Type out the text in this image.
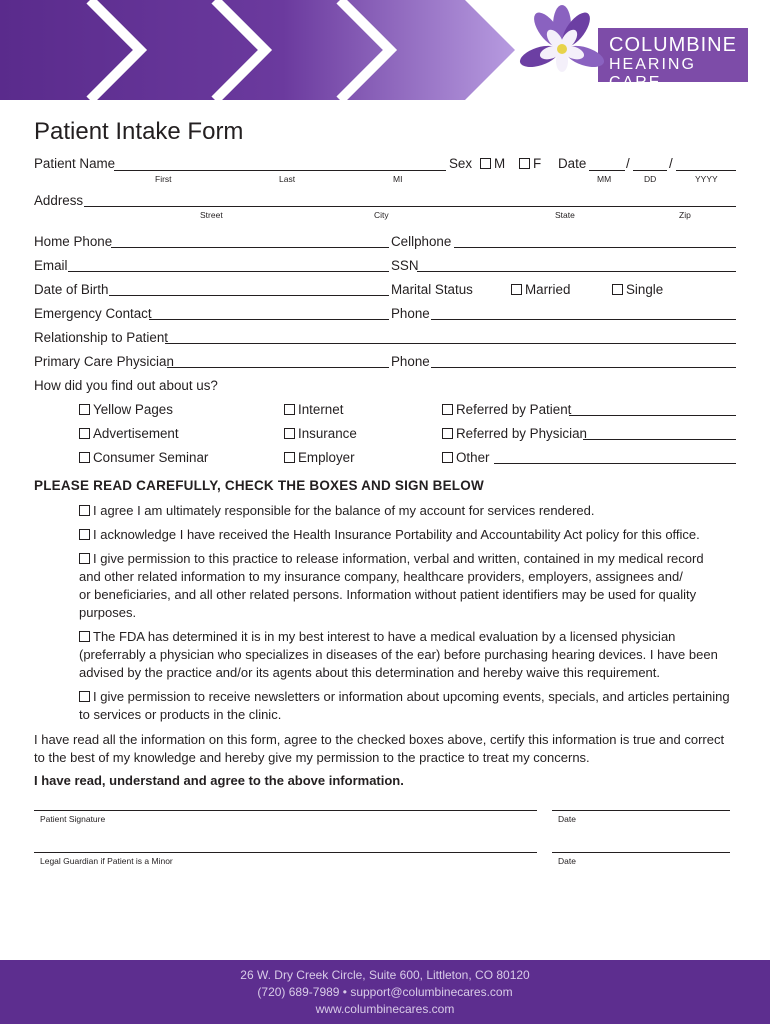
COLUMBINE
HEARING CARE
Patient Intake Form
Patient Name
First	Last	MI
Sex	M	F Date	/	/
MM	DD	YYYY
Address
Street	City	State	Zip
Home Phone	Cellphone
Email	SSN
Date of Birth	Marital Status	Married	Single
Emergency Contact	Phone
Relationship to Patient
Primary Care Physician	Phone
How did you find out about us?
Yellow Pages	Internet	Referred by Patient
Advertisement	Insurance	Referred by Physician
Consumer Seminar	Employer	Other
PLEASE READ CAREFULLY, CHECK THE BOXES AND SIGN BELOW
I agree I am ultimately responsible for the balance of my account for services rendered.
I acknowledge I have received the Health Insurance Portability and Accountability Act policy for this office.
I give permission to this practice to release information, verbal and written, contained in my medical record
and other related information to my insurance company, healthcare providers, employers, assignees and/
or beneficiaries, and all other related persons. Information without patient identifiers may be used for quality
purposes.
The FDA has determined it is in my best interest to have a medical evaluation by a licensed physician
(preferrably a physician who specializes in diseases of the ear) before purchasing hearing devices. I have been
advised by the practice and/or its agents about this determination and hereby waive this requirement.
I give permission to receive newsletters or information about upcoming events, specials, and articles pertaining
to services or products in the clinic.
I have read all the information on this form, agree to the checked boxes above, certify this information is true and correct
to the best of my knowledge and hereby give my permission to the practice to treat my concerns.
I have read, understand and agree to the above information.
Patient Signature	Date
Legal Guardian if Patient is a Minor	Date
26 W. Dry Creek Circle, Suite 600, Littleton, CO 80120
(720) 689-7989 • support@columbinecares.com
www.columbinecares.com
